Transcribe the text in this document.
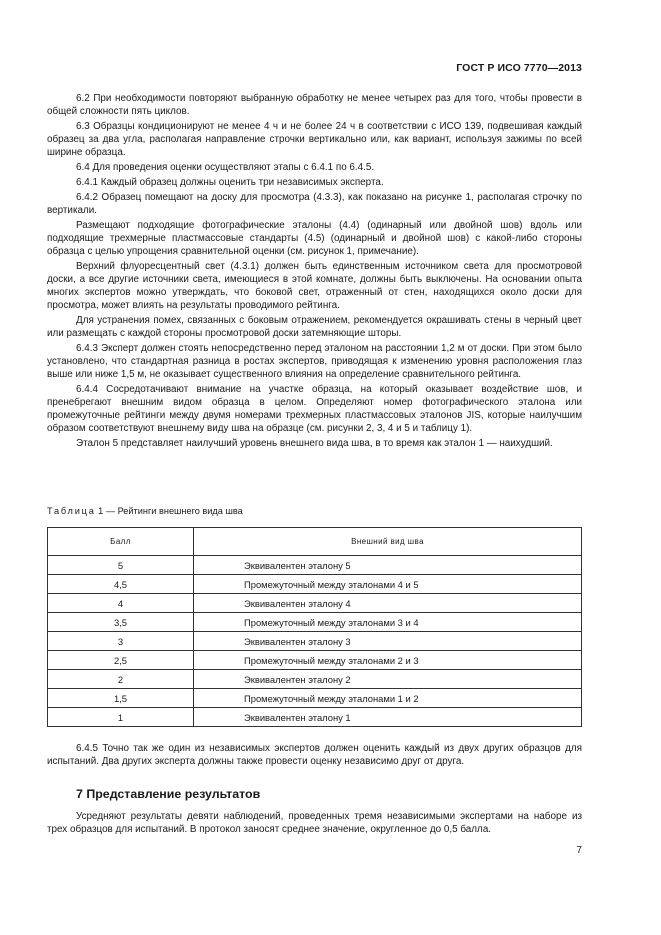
ГОСТ Р ИСО 7770—2013

6.2 При необходимости повторяют выбранную обработку не менее четырех раз для того, чтобы провести в общей сложности пять циклов.

6.3 Образцы кондиционируют не менее 4 ч и не более 24 ч в соответствии с ИСО 139, подвешивая каждый образец за два угла, располагая направление строчки вертикально или, как вариант, используя зажимы по всей ширине образца.

6.4 Для проведения оценки осуществляют этапы с 6.4.1 по 6.4.5.

6.4.1 Каждый образец должны оценить три независимых эксперта.

6.4.2 Образец помещают на доску для просмотра (4.3.3), как показано на рисунке 1, располагая строчку по вертикали.

Размещают подходящие фотографические эталоны (4.4) (одинарный или двойной шов) вдоль или подходящие трехмерные пластмассовые стандарты (4.5) (одинарный и двойной шов) с какой-либо стороны образца с целью упрощения сравнительной оценки (см. рисунок 1, примечание).

Верхний флуоресцентный свет (4.3.1) должен быть единственным источником света для просмотровой доски, а все другие источники света, имеющиеся в этой комнате, должны быть выключены. На основании опыта многих экспертов можно утверждать, что боковой свет, отраженный от стен, находящихся около доски для просмотра, может влиять на результаты проводимого рейтинга.

Для устранения помех, связанных с боковым отражением, рекомендуется окрашивать стены в черный цвет или размещать с каждой стороны просмотровой доски затемняющие шторы.

6.4.3 Эксперт должен стоять непосредственно перед эталоном на расстоянии 1,2 м от доски. При этом было установлено, что стандартная разница в ростах экспертов, приводящая к изменению уровня расположения глаз выше или ниже 1,5 м, не оказывает существенного влияния на определение сравнительного рейтинга.

6.4.4 Сосредотачивают внимание на участке образца, на который оказывает воздействие шов, и пренебрегают внешним видом образца в целом. Определяют номер фотографического эталона или промежуточные рейтинги между двумя номерами трехмерных пластмассовых эталонов JIS, которые наилучшим образом соответствуют внешнему виду шва на образце (см. рисунки 2, 3, 4 и 5 и таблицу 1).

Эталон 5 представляет наилучший уровень внешнего вида шва, в то время как эталон 1 — наихудший.

Таблица 1 — Рейтинги внешнего вида шва
Балл	Внешний вид шва
5	Эквивалентен эталону 5
4,5	Промежуточный между эталонами 4 и 5
4	Эквивалентен эталону 4
3,5	Промежуточный между эталонами 3 и 4
3	Эквивалентен эталону 3
2,5	Промежуточный между эталонами 2 и 3
2	Эквивалентен эталону 2
1,5	Промежуточный между эталонами 1 и 2
1	Эквивалентен эталону 1

6.4.5 Точно так же один из независимых экспертов должен оценить каждый из двух других образцов для испытаний. Два других эксперта должны также провести оценку независимо друг от друга.

7 Представление результатов

Усредняют результаты девяти наблюдений, проведенных тремя независимыми экспертами на наборе из трех образцов для испытаний. В протокол заносят среднее значение, округленное до 0,5 балла.

7
